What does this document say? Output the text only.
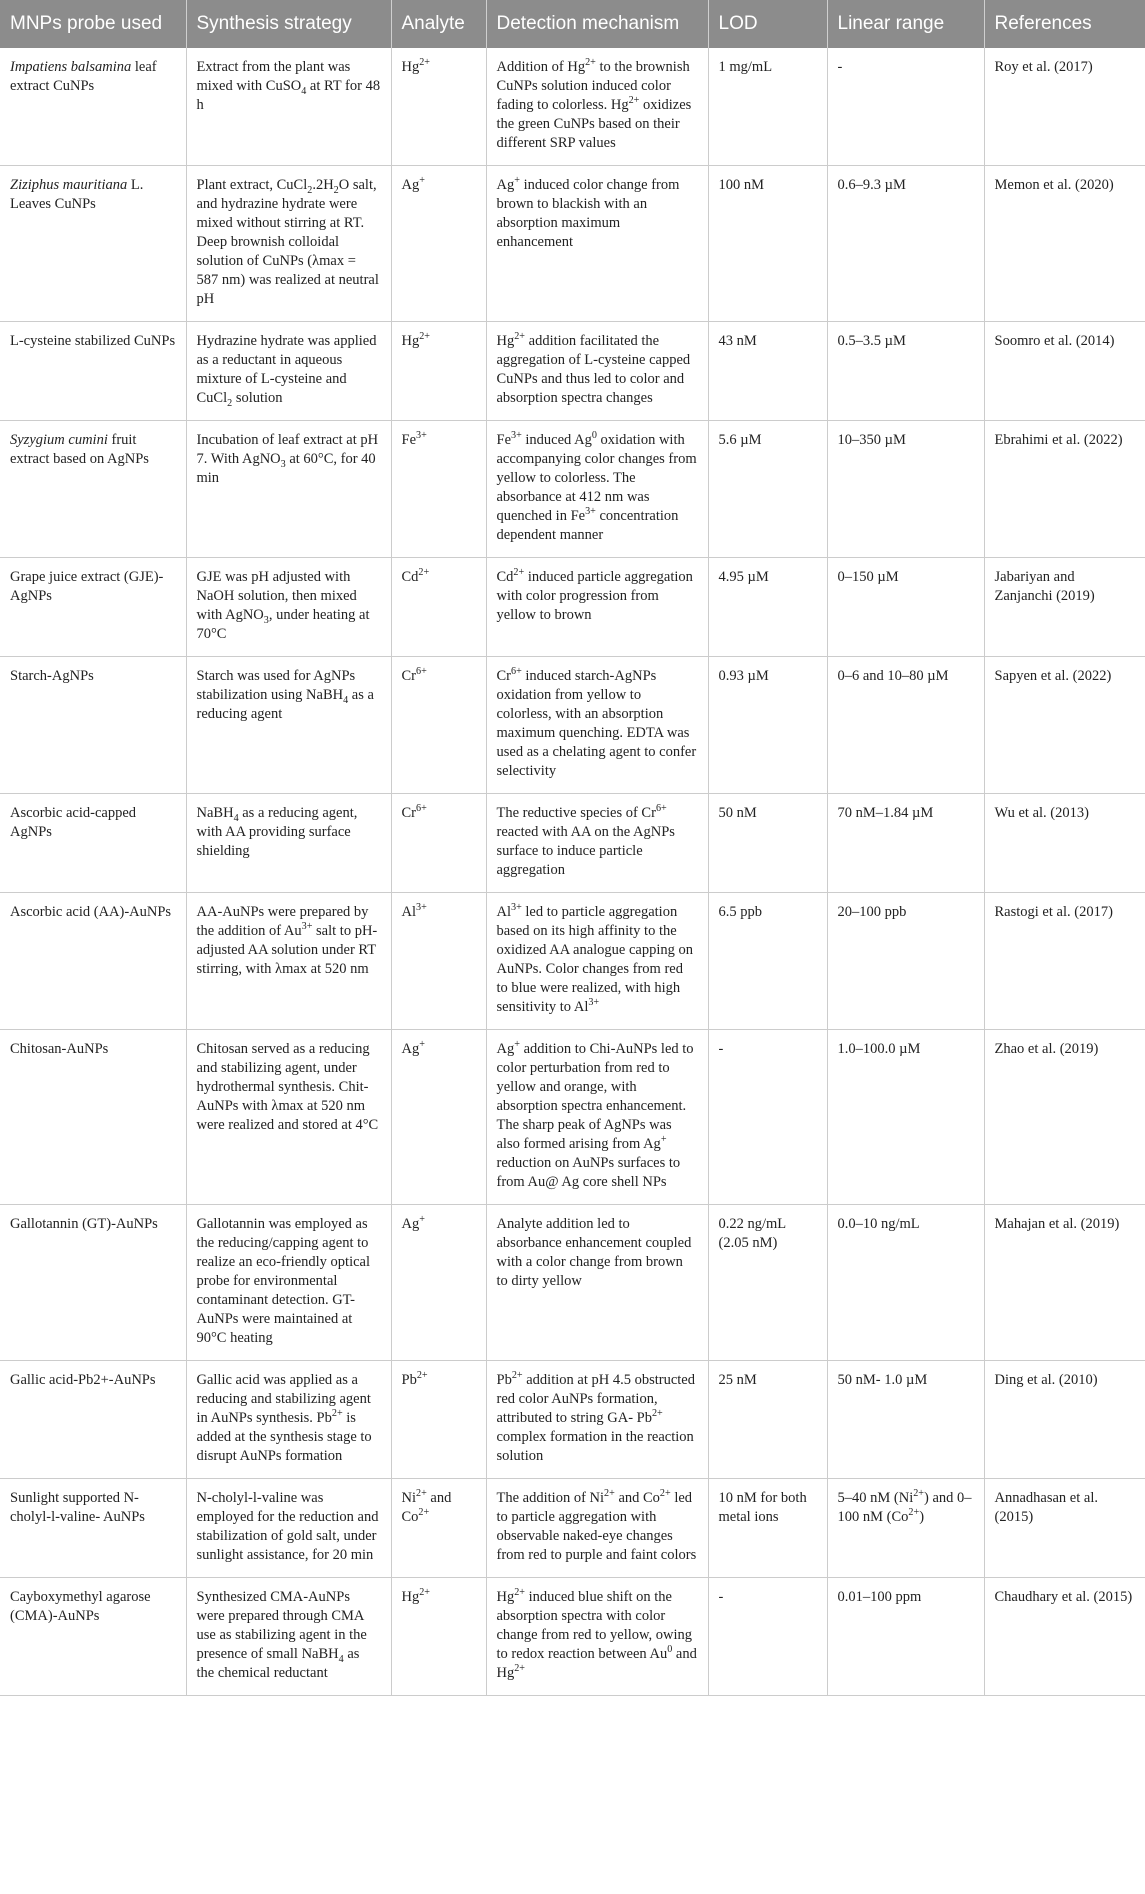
MNPs probe used	Synthesis strategy	Analyte	Detection mechanism	LOD	Linear range	References
Impatiens balsamina leaf extract CuNPs	Extract from the plant was mixed with CuSO$_4$ at RT for 48 h	$Hg^{2+}$	Addition of $Hg^{2+}$ to the brownish CuNPs solution induced color fading to colorless. $Hg^{2+}$ oxidizes the green CuNPs based on their different SRP values	1 mg/mL	-	Roy et al. (2017)
Ziziphus mauritiana L. Leaves CuNPs	Plant extract, $CuCl_2.2H_2O$ salt, and hydrazine hydrate were mixed without stirring at RT. Deep brownish colloidal solution of CuNPs (λmax = 587 nm) was realized at neutral pH	Ag+	Ag+ induced color change from brown to blackish with an absorption maximum enhancement	100 nM	0.6–9.3 µM	Memon et al. (2020)
L-cysteine stabilized CuNPs	Hydrazine hydrate was applied as a reductant in aqueous mixture of L-cysteine and CuCl$_2$ solution	$Hg^{2+}$	$Hg^{2+}$ addition facilitated the aggregation of L-cysteine capped CuNPs and thus led to color and absorption spectra changes	43 nM	0.5–3.5 µM	Soomro et al. (2014)
Syzygium cumini fruit extract based on AgNPs	Incubation of leaf extract at pH 7. With AgNO$_3$ at 60°C, for 40 min	$Fe^{3+}$	$Fe^{3+}$ induced Ag$^0$ oxidation with accompanying color changes from yellow to colorless. The absorbance at 412 nm was quenched in $Fe^{3+}$ concentration dependent manner	5.6 µM	10–350 µM	Ebrahimi et al. (2022)
Grape juice extract (GJE)-AgNPs	GJE was pH adjusted with NaOH solution, then mixed with AgNO$_3$, under heating at 70°C	$Cd^{2+}$	$Cd^{2+}$ induced particle aggregation with color progression from yellow to brown	4.95 µM	0–150 µM	Jabariyan and Zanjanchi (2019)
Starch-AgNPs	Starch was used for AgNPs stabilization using NaBH$_4$ as a reducing agent	$Cr^{6+}$	$Cr^{6+}$ induced starch-AgNPs oxidation from yellow to colorless, with an absorption maximum quenching. EDTA was used as a chelating agent to confer selectivity	0.93 µM	0–6 and 10–80 µM	Sapyen et al. (2022)
Ascorbic acid-capped AgNPs	NaBH$_4$ as a reducing agent, with AA providing surface shielding	$Cr^{6+}$	The reductive species of $Cr^{6+}$ reacted with AA on the AgNPs surface to induce particle aggregation	50 nM	70 nM–1.84 µM	Wu et al. (2013)
Ascorbic acid (AA)-AuNPs	AA-AuNPs were prepared by the addition of $Au^{3+}$ salt to pH-adjusted AA solution under RT stirring, with λmax at 520 nm	$Al^{3+}$	$Al^{3+}$ led to particle aggregation based on its high affinity to the oxidized AA analogue capping on AuNPs. Color changes from red to blue were realized, with high sensitivity to $Al^{3+}$	6.5 ppb	20–100 ppb	Rastogi et al. (2017)
Chitosan-AuNPs	Chitosan served as a reducing and stabilizing agent, under hydrothermal synthesis. Chit-AuNPs with λmax at 520 nm were realized and stored at 4°C	Ag+	Ag+ addition to Chi-AuNPs led to color perturbation from red to yellow and orange, with absorption spectra enhancement. The sharp peak of AgNPs was also formed arising from Ag+ reduction on AuNPs surfaces to from Au@ Ag core shell NPs	-	1.0–100.0 µM	Zhao et al. (2019)
Gallotannin (GT)-AuNPs	Gallotannin was employed as the reducing/capping agent to realize an eco-friendly optical probe for environmental contaminant detection. GT-AuNPs were maintained at 90°C heating	Ag+	Analyte addition led to absorbance enhancement coupled with a color change from brown to dirty yellow	0.22 ng/mL (2.05 nM)	0.0–10 ng/mL	Mahajan et al. (2019)
Gallic acid-Pb2+-AuNPs	Gallic acid was applied as a reducing and stabilizing agent in AuNPs synthesis. $Pb^{2+}$ is added at the synthesis stage to disrupt AuNPs formation	$Pb^{2+}$	$Pb^{2+}$ addition at pH 4.5 obstructed red color AuNPs formation, attributed to string GA- $Pb^{2+}$ complex formation in the reaction solution	25 nM	50 nM- 1.0 µM	Ding et al. (2010)
Sunlight supported N-cholyl-l-valine- AuNPs	N-cholyl-l-valine was employed for the reduction and stabilization of gold salt, under sunlight assistance, for 20 min	$Ni^{2+}$ and $Co^{2+}$	The addition of $Ni^{2+}$ and $Co^{2+}$ led to particle aggregation with observable naked-eye changes from red to purple and faint colors	10 nM for both metal ions	5–40 nM $(Ni^{2+})$ and 0–100 nM $(Co^{2+})$	Annadhasan et al. (2015)
Cayboxymethyl agarose (CMA)-AuNPs	Synthesized CMA-AuNPs were prepared through CMA use as stabilizing agent in the presence of small NaBH$_4$ as the chemical reductant	$Hg^{2+}$	$Hg^{2+}$ induced blue shift on the absorption spectra with color change from red to yellow, owing to redox reaction between Au$^0$ and $Hg^{2+}$	-	0.01–100 ppm	Chaudhary et al. (2015)
